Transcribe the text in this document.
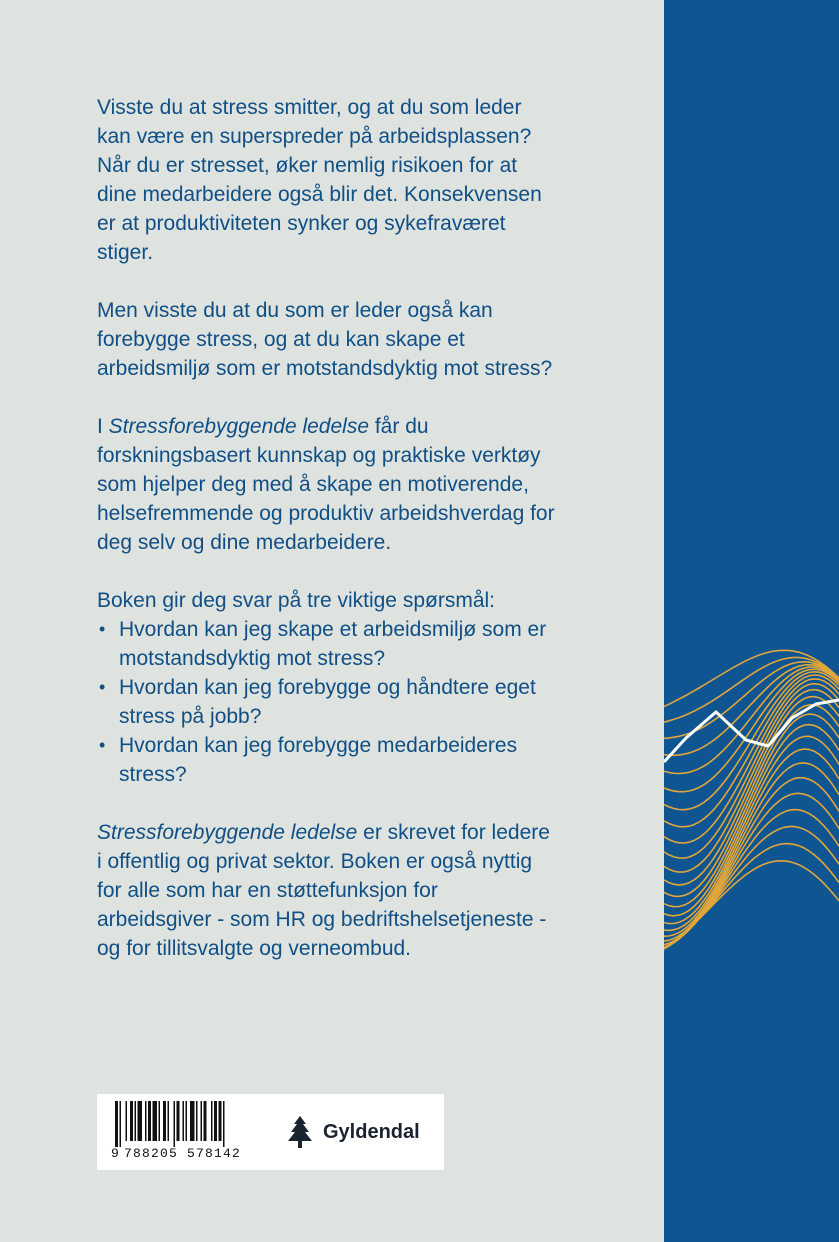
Visste du at stress smitter, og at du som leder kan være en superspreder på arbeidsplassen? Når du er stresset, øker nemlig risikoen for at dine medarbeidere også blir det. Konsekvensen er at produktiviteten synker og sykefraværet stiger.

Men visste du at du som er leder også kan forebygge stress, og at du kan skape et arbeidsmiljø som er motstandsdyktig mot stress?

I Stressforebyggende ledelse får du forskningsbasert kunnskap og praktiske verktøy som hjelper deg med å skape en motiverende, helsefremmende og produktiv arbeidshverdag for deg selv og dine medarbeidere.

Boken gir deg svar på tre viktige spørsmål:
• Hvordan kan jeg skape et arbeidsmiljø som er motstandsdyktig mot stress?
• Hvordan kan jeg forebygge og håndtere eget stress på jobb?
• Hvordan kan jeg forebygge medarbeideres stress?

Stressforebyggende ledelse er skrevet for ledere i offentlig og privat sektor. Boken er også nyttig for alle som har en støttefunksjon for arbeidsgiver - som HR og bedriftshelsetjeneste - og for tillitsvalgte og verneombud.

9 788205 578142
Gyldendal
